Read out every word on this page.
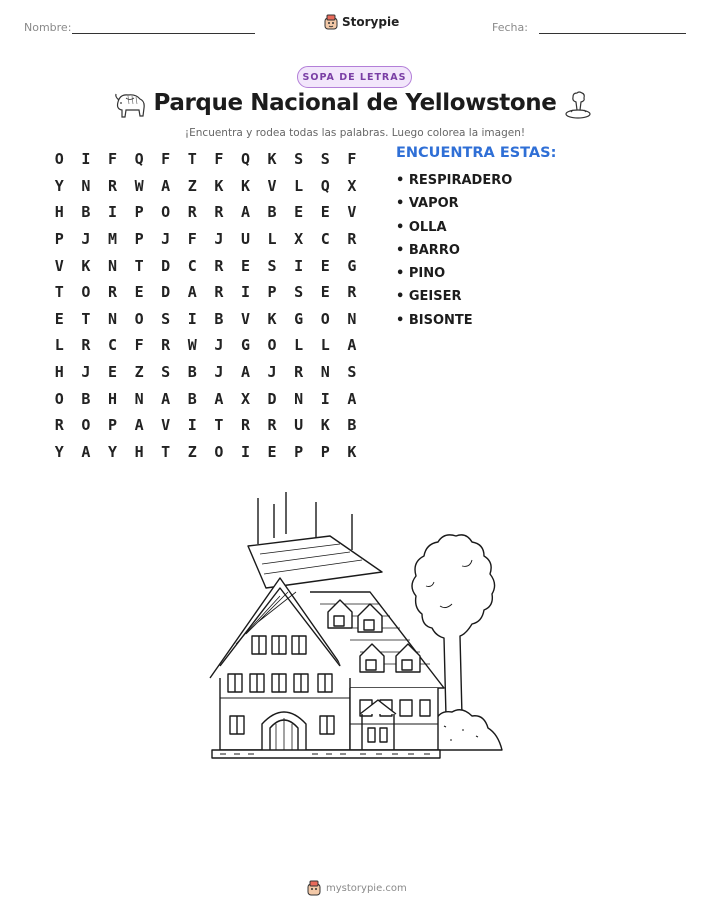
Nombre:	Storypie	Fecha:
SOPA DE LETRAS
Parque Nacional de Yellowstone
¡Encuentra y rodea todas las palabras. Luego colorea la imagen!
O	I	F	Q	F	T	F	Q	K	S	S	F
Y	N	R	W	A	Z	K	K	V	L	Q	X
H	B	I	P	O	R	R	A	B	E	E	V
P	J	M	P	J	F	J	U	L	X	C	R
V	K	N	T	D	C	R	E	S	I	E	G
T	O	R	E	D	A	R	I	P	S	E	R
E	T	N	O	S	I	B	V	K	G	O	N
L	R	C	F	R	W	J	G	O	L	L	A
H	J	E	Z	S	B	J	A	J	R	N	S
O	B	H	N	A	B	A	X	D	N	I	A
R	O	P	A	V	I	T	R	R	U	K	B
Y	A	Y	H	T	Z	O	I	E	P	P	K
ENCUENTRA ESTAS:
• RESPIRADERO
• VAPOR
• OLLA
• BARRO
• PINO
• GEISER
• BISONTE
mystorypie.com
